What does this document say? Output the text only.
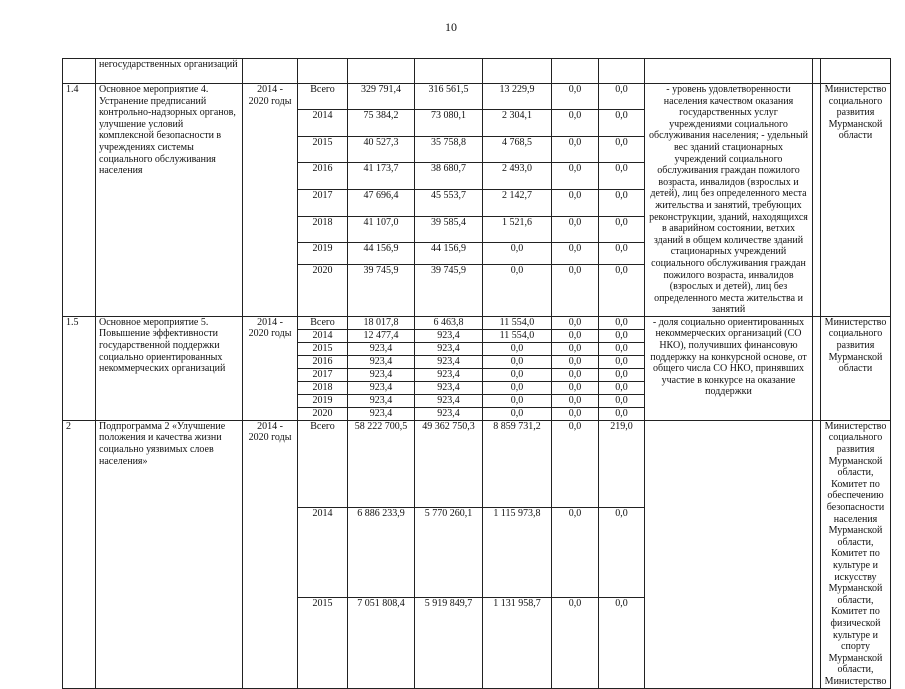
10
	негосударственных организаций										
1.4	Основное мероприятие 4. Устранение предписаний контрольно-надзорных органов, улучшение условий комплексной безопасности в учреждениях системы социального обслуживания населения	2014 - 2020 годы	Всего	329 791,4	316 561,5	13 229,9	0,0	0,0	- уровень удовлетворенности населения качеством оказания государственных услуг учреждениями социального обслуживания населения; - удельный вес зданий стационарных учреждений социального обслуживания граждан пожилого возраста, инвалидов (взрослых и детей), лиц без определенного места жительства и занятий, требующих реконструкции, зданий, находящихся в аварийном состоянии, ветхих зданий в общем количестве зданий стационарных учреждений социального обслуживания граждан пожилого возраста, инвалидов (взрослых и детей), лиц без определенного места жительства и занятий		Министерство социального развития Мурманской области
			2014	75 384,2	73 080,1	2 304,1	0,0	0,0			
			2015	40 527,3	35 758,8	4 768,5	0,0	0,0			
			2016	41 173,7	38 680,7	2 493,0	0,0	0,0			
			2017	47 696,4	45 553,7	2 142,7	0,0	0,0			
			2018	41 107,0	39 585,4	1 521,6	0,0	0,0			
			2019	44 156,9	44 156,9	0,0	0,0	0,0			
			2020	39 745,9	39 745,9	0,0	0,0	0,0			
1.5	Основное мероприятие 5. Повышение эффективности государственной поддержки социально ориентированных некоммерческих организаций	2014 - 2020 годы	Всего	18 017,8	6 463,8	11 554,0	0,0	0,0	- доля социально ориентированных некоммерческих организаций (СО НКО), получивших финансовую поддержку на конкурсной основе, от общего числа СО НКО, принявших участие в конкурсе на оказание поддержки		Министерство социального развития Мурманской области
			2014	12 477,4	923,4	11 554,0	0,0	0,0			
			2015	923,4	923,4	0,0	0,0	0,0			
			2016	923,4	923,4	0,0	0,0	0,0			
			2017	923,4	923,4	0,0	0,0	0,0			
			2018	923,4	923,4	0,0	0,0	0,0			
			2019	923,4	923,4	0,0	0,0	0,0			
			2020	923,4	923,4	0,0	0,0	0,0			
2	Подпрограмма 2 «Улучшение положения и качества жизни социально уязвимых слоев населения»	2014 - 2020 годы	Всего	58 222 700,5	49 362 750,3	8 859 731,2	0,0	219,0			Министерство социального развития Мурманской области, Комитет по обеспечению безопасности населения Мурманской области, Комитет по культуре и искусству Мурманской области, Комитет по физической культуре и спорту Мурманской области, Министерство
			2014	6 886 233,9	5 770 260,1	1 115 973,8	0,0	0,0			
			2015	7 051 808,4	5 919 849,7	1 131 958,7	0,0	0,0			
